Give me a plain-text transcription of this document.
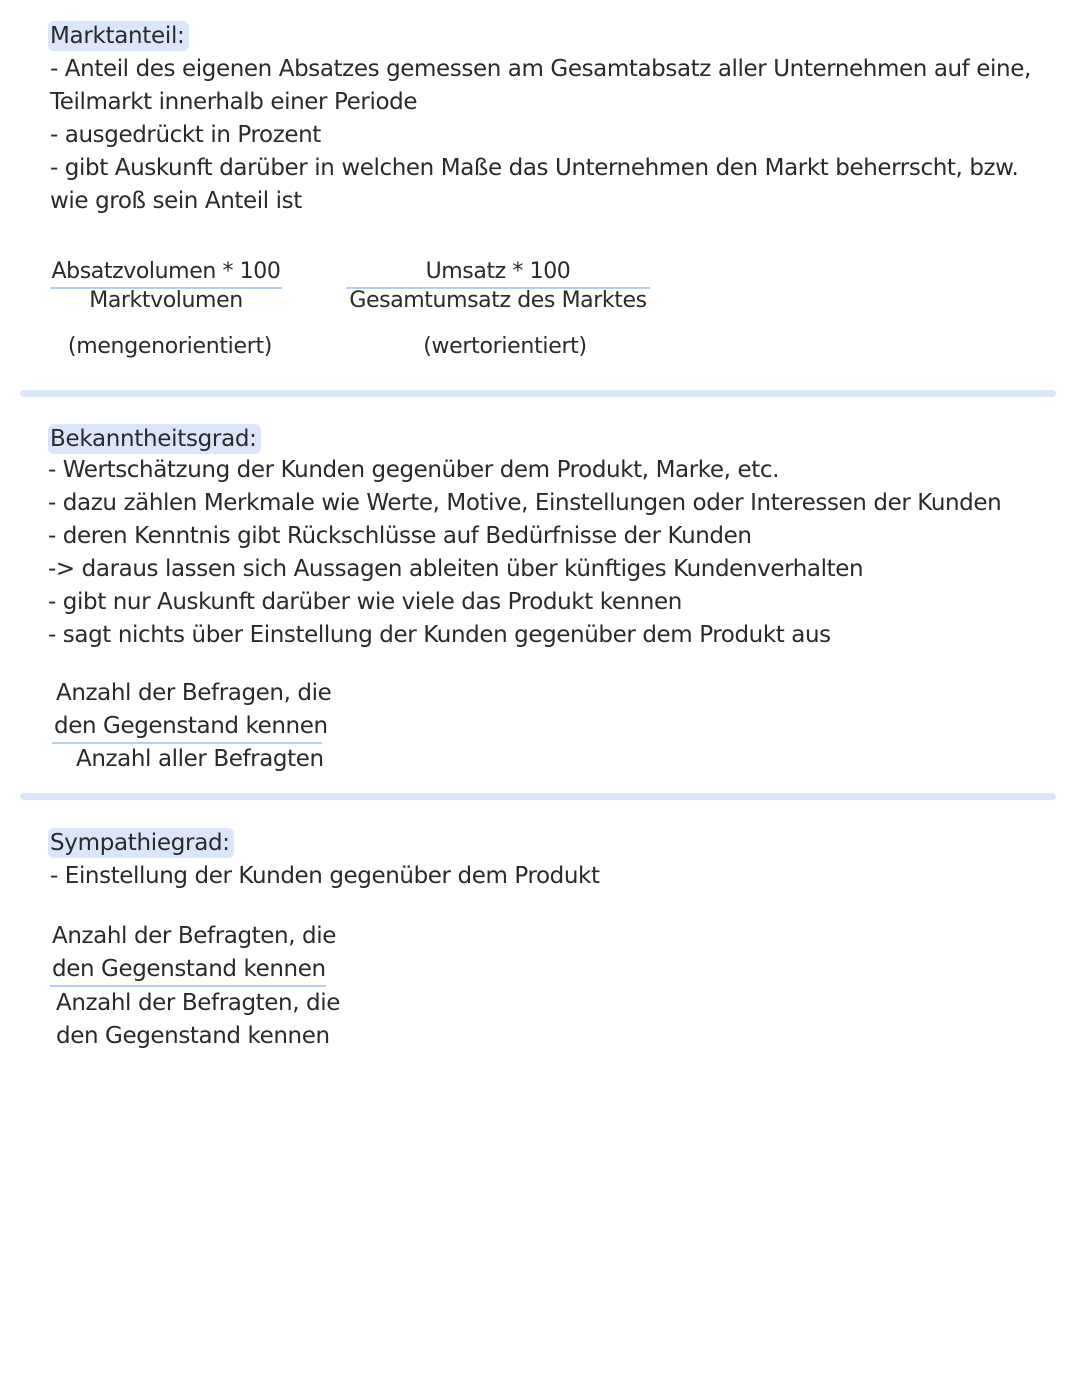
Marktanteil:
- Anteil des eigenen Absatzes gemessen am Gesamtabsatz aller Unternehmen auf eine,
Teilmarkt innerhalb einer Periode
- ausgedrückt in Prozent
- gibt Auskunft darüber in welchen Maße das Unternehmen den Markt beherrscht, bzw.
wie groß sein Anteil ist
Absatzvolumen * 100
Marktvolumen
(mengenorientiert)
Umsatz * 100
Gesamtumsatz des Marktes
(wertorientiert)
Bekanntheitsgrad:
- Wertschätzung der Kunden gegenüber dem Produkt, Marke, etc.
- dazu zählen Merkmale wie Werte, Motive, Einstellungen oder Interessen der Kunden
- deren Kenntnis gibt Rückschlüsse auf Bedürfnisse der Kunden
-> daraus lassen sich Aussagen ableiten über künftiges Kundenverhalten
- gibt nur Auskunft darüber wie viele das Produkt kennen
- sagt nichts über Einstellung der Kunden gegenüber dem Produkt aus
Anzahl der Befragen, die
den Gegenstand kennen
Anzahl aller Befragten
Sympathiegrad:
- Einstellung der Kunden gegenüber dem Produkt
Anzahl der Befragten, die
den Gegenstand kennen
Anzahl der Befragten, die
den Gegenstand kennen
